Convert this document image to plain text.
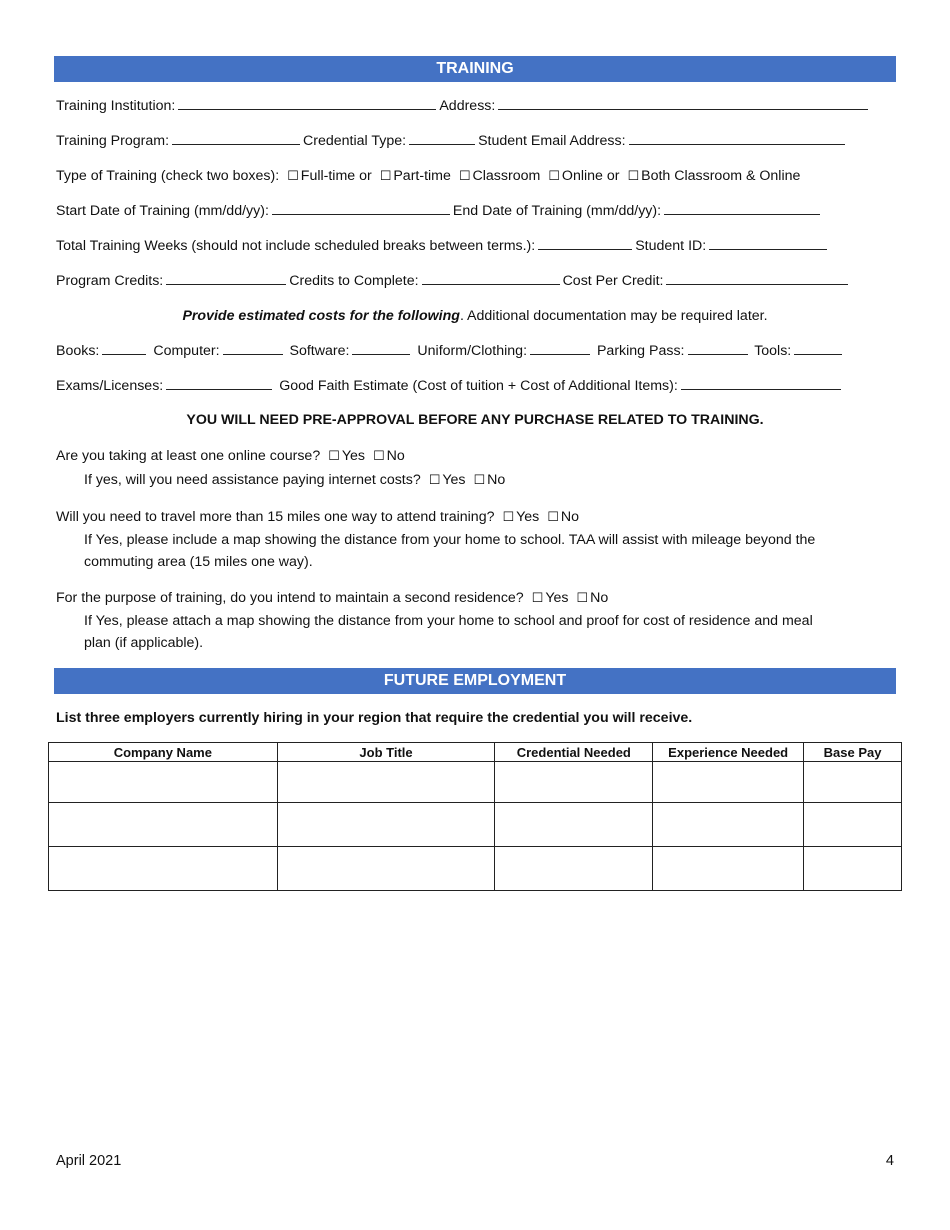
TRAINING
Training Institution:	Address:
Training Program:	Credential Type:	Student Email Address:
Type of Training (check two boxes): ☐ Full-time or ☐ Part-time ☐ Classroom ☐ Online or ☐ Both Classroom & Online
Start Date of Training (mm/dd/yy):	End Date of Training (mm/dd/yy):
Total Training Weeks (should not include scheduled breaks between terms.):	Student ID:
Program Credits:	Credits to Complete:	Cost Per Credit:
Provide estimated costs for the following. Additional documentation may be required later.
Books:	Computer:	Software:	Uniform/Clothing:	Parking Pass:	Tools:
Exams/Licenses:	Good Faith Estimate (Cost of tuition + Cost of Additional Items):
YOU WILL NEED PRE-APPROVAL BEFORE ANY PURCHASE RELATED TO TRAINING.
Are you taking at least one online course? ☐ Yes ☐ No
If yes, will you need assistance paying internet costs? ☐ Yes ☐ No
Will you need to travel more than 15 miles one way to attend training? ☐ Yes ☐ No
If Yes, please include a map showing the distance from your home to school. TAA will assist with mileage beyond the
commuting area (15 miles one way).
For the purpose of training, do you intend to maintain a second residence? ☐ Yes ☐ No
If Yes, please attach a map showing the distance from your home to school and proof for cost of residence and meal
plan (if applicable).
FUTURE EMPLOYMENT
List three employers currently hiring in your region that require the credential you will receive.
Company Name	Job Title	Credential Needed	Experience Needed	Base Pay

April 2021	4
